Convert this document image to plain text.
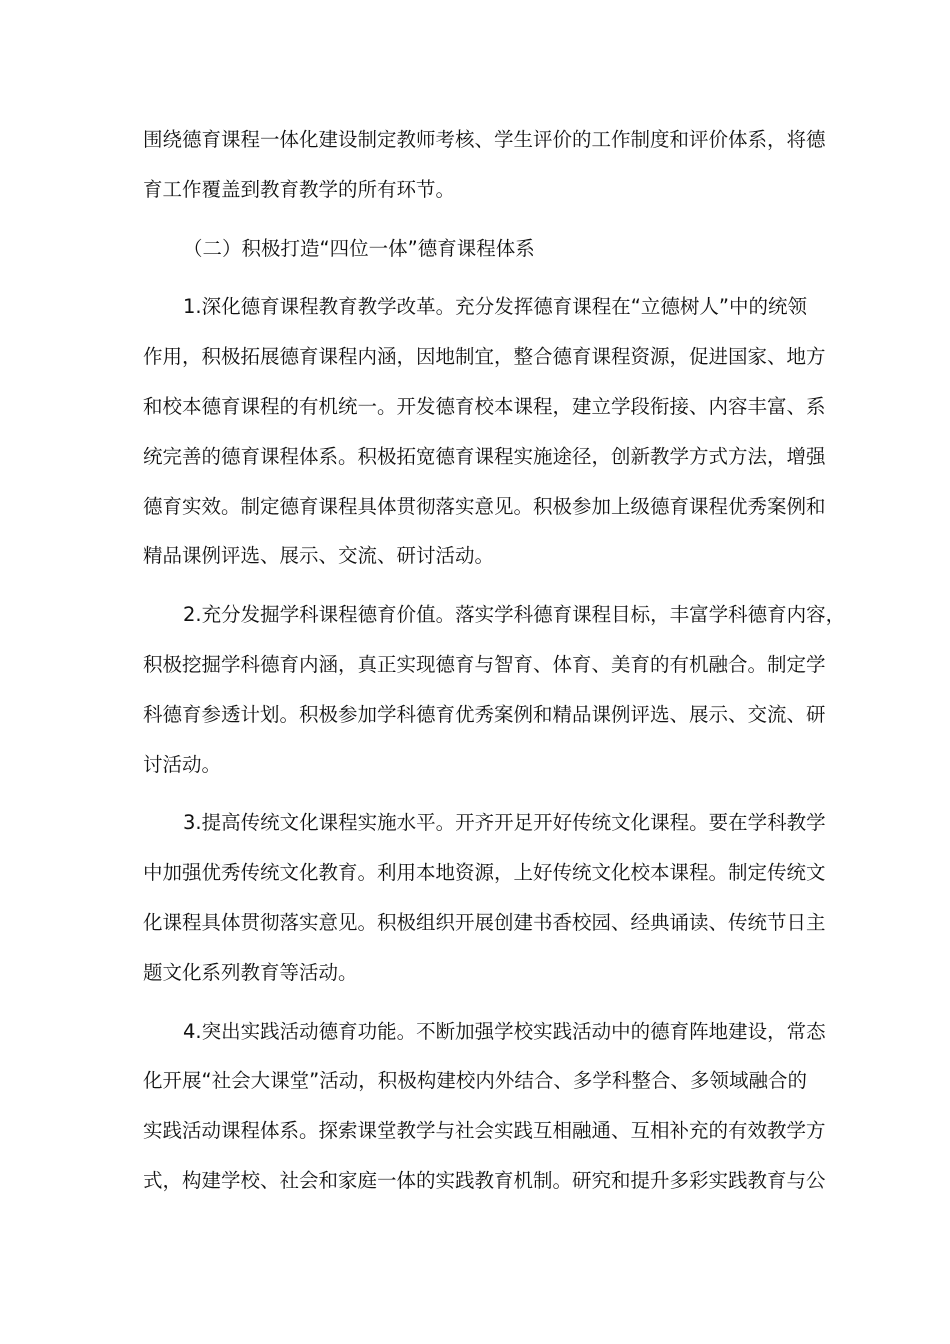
围绕德育课程一体化建设制定教师考核、学生评价的工作制度和评价体系，将德
育工作覆盖到教育教学的所有环节。
（二）积极打造“四位一体”德育课程体系
1.深化德育课程教育教学改革。充分发挥德育课程在“立德树人”中的统领
作用，积极拓展德育课程内涵，因地制宜，整合德育课程资源，促进国家、地方
和校本德育课程的有机统一。开发德育校本课程，建立学段衔接、内容丰富、系
统完善的德育课程体系。积极拓宽德育课程实施途径，创新教学方式方法，增强
德育实效。制定德育课程具体贯彻落实意见。积极参加上级德育课程优秀案例和
精品课例评选、展示、交流、研讨活动。
2.充分发掘学科课程德育价值。落实学科德育课程目标，丰富学科德育内容，
积极挖掘学科德育内涵，真正实现德育与智育、体育、美育的有机融合。制定学
科德育参透计划。积极参加学科德育优秀案例和精品课例评选、展示、交流、研
讨活动。
3.提高传统文化课程实施水平。开齐开足开好传统文化课程。要在学科教学
中加强优秀传统文化教育。利用本地资源，上好传统文化校本课程。制定传统文
化课程具体贯彻落实意见。积极组织开展创建书香校园、经典诵读、传统节日主
题文化系列教育等活动。
4.突出实践活动德育功能。不断加强学校实践活动中的德育阵地建设，常态
化开展“社会大课堂”活动，积极构建校内外结合、多学科整合、多领域融合的
实践活动课程体系。探索课堂教学与社会实践互相融通、互相补充的有效教学方
式，构建学校、社会和家庭一体的实践教育机制。研究和提升多彩实践教育与公
